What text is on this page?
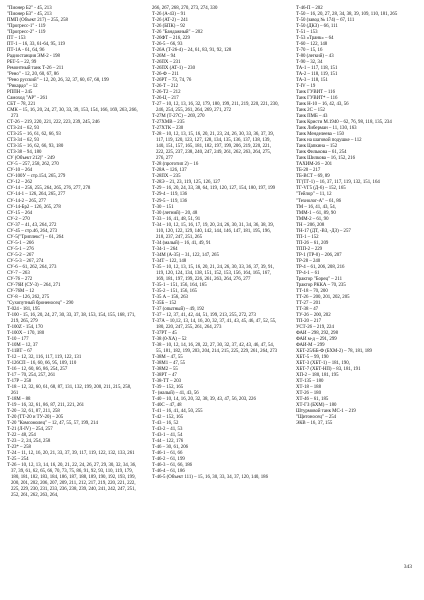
"Пионер Б2" - 45, 213
"Пионер Б3" - 45, 213
ПМП (Объект 217) – 255, 258
"Прогресс-1" - 119
"Прогресс-2" - 119
ПТ – 153
ПТ-1 – 16, 33, 61-64, 95, 119
ПТ-1А - 61, 64, 96
Радиостанция ЭМ-2 - 198
РБТ-5 – 22, 99
Ремонтный танк Т-26 – 211
"Рено" - 12, 20, 60, 67, 86
"Рено русский" – 12, 20, 26, 32, 37, 60, 67, 68, 199
"Рикардо" – 12
РППН – 245
Самоход "АР" - 261
СБТ – 78, 221
СМК – 15, 16, 20, 24, 27, 30, 33, 39, 153, 154, 166, 169, 263, 266, 273
СТ-26 – 219, 220, 221, 222, 223, 239, 245, 246
СТЗ-24 – 62, 93
СТЗ-25 – 16, 61, 62, 66, 93
СТЗ-34 – 62, 93
СТЗ-35 – 16, 62, 66, 93, 180
СТЗ-38 – 94, 180
СУ (Объект 212)" - 249
СУ-5 – 257, 258, 262, 270
СУ-10 – 264
СУ-100У – стр.154, 265, 279
СУ-12 – 262
СУ-14 – 256, 255, 264, 265, 276, 277, 278
СУ-14-1 – 126, 264, 265, 277
СУ-14-2 – 265, 277
СУ-14-Бр2 – 126, 265, 278
СУ-15 – 264
СУ-2 – 270
СУ-37 – 41, 43, 264, 272
СУ-45 – стр.46, 264, 273
СУ-5("Триплекс") – 61, 264
СУ-5-1 – 266
СУ-5-1 – 276
СУ-5-2 – 267
СУ-5-3 – 267, 274
СУ-6 – 61, 262, 264, 273
СУ-7 – 263
СУ-76 – 272
СУ-76И (СУ-3) – 264, 271
СУ-76М – 12
СУ-8 – 126, 262, 275
"Сухопутный броненосец" - 290
Т-024 - 181, 195
Т-100 - 15, 16, 20, 24, 27, 30, 33, 37, 38, 153, 154, 155, 168, 171, 219, 265, 279
Т-100Z - 154, 170
Т-100Х – 170, 180
Т-10 – 177
Т-10М – 12, 37
Т-11ВТ – 67
Т-12 – 12, 32, 116, 117, 119, 122, 131
Т-126СП – 16, 60, 66, 95, 109, 110
Т-16 – 12, 60, 66, 86, 254, 257
Т-17 – 70, 254, 257, 261
Т-17Р – 258
Т-18 – 12, 32, 60, 61, 68, 87, 131, 132, 199, 200, 211, 215, 258, 261
Т-18М – 88
Т-19 – 16, 32, 61, 86, 87, 211, 221, 261
Т-20 – 32, 61, 87, 211, 258
Т-20 (ТТ-20 и ТУ-20) – 205
Т-20 "Комсомолец" – 12, 47, 55, 57, 199, 214
Т-21 (Л-IV) – 254, 257
Т-22 – 48, 254
Т-23 – 2, 24, 254, 258
Т-23* – 258
Т-24 – 11, 12, 16, 20, 21, 33, 37, 39, 117, 119, 122, 132, 133, 261
Т-25 – 254
Т-26 – 10, 12, 13, 14, 16, 20, 21, 22, 24, 26, 27, 29, 30, 32, 34, 36, 37, 39, 61, 62, 65, 66, 70, 73, 75, 86, 91, 92, 93, 110, 119, 179, 180, 181, 182, 183, 184, 186, 187, 188, 189, 190, 192, 193, 199, 200, 201, 202, 206, 207, 209, 211, 212, 217, 219, 220, 221, 222, 225, 229, 230, 231, 233, 236, 238, 239, 240, 241, 242, 247, 251, 252, 261, 262, 263, 264,
266, 267, 268, 270, 273, 274, 330
Т-26 (А-43) – 91
Т-26 (АТ-2) – 241
Т-26 (БПК) – 92
Т-26 "Бандажный" – 202
Т-26ФТ – 216, 229
Т-26-5 – 66, 93
Т-26А (Т-26-4) – 24, 61, 83, 91, 92, 128
Т-26М – 94
Т-26ПХ – 231
Т-26ПХ (АТ-1) – 230
Т-26-Ф – 211
Т-26РТ – 73, 74, 76
Т-26-Т – 212
Т-26-Т2 – 212
Т-26-Ц – 217
Т-27 – 10, 12, 13, 16, 32, 179, 180, 199, 211, 219, 220, 221, 230, 246, 254, 255, 261, 264, 269, 271, 272
Т-27М (Т-27С) – 269, 270
Т-27ХМВ – 235
Т-27ХТК – 230
Т-28 – 10, 12, 13, 15, 16, 20, 21, 23, 24, 26, 30, 33, 36, 37, 39, 117, 119, 120, 123, 127, 128, 134, 135, 136, 137, 138, 139, 140, 151, 157, 165, 181, 182, 197, 199, 206, 219, 220, 221, 222, 225, 237, 238, 240, 247, 249, 261, 262, 263, 264, 275, 276, 277
Т-28 (прототип 2) – 16
Т-28А – 126, 137
Т-28ПХ – 235
Т-28Э – 21, 23, 119, 125, 126, 127
Т-29 – 16, 20, 24, 33, 38, 64, 119, 120, 127, 154, 180, 197, 199
Т-29-4 – 119, 136
Т-29-5 – 119, 136
Т-30 – 151
Т-30 (летний) – 20, 48
Т-33 – 16, 41, 48, 51, 91
Т-34 – 10, 12, 15, 16, 17, 19, 20, 24, 26, 30, 31, 34, 36, 38, 39, 110, 120, 122, 129, 140, 142, 144, 146, 147, 181, 195, 196, 218, 237, 247, 251, 265
Т-34 (малый) – 16, 41, 49, 91
Т-34-1 – 264
Т-34М (А-35) – 31, 122, 147, 265
Т-34Т – 122, 148
Т-35 – 10, 12, 13, 15, 16, 20, 21, 24, 26, 30, 33, 36, 37, 39, 91, 119, 120, 124, 134, 138, 151, 152, 153, 156, 164, 165, 167, 169, 181, 197, 199, 226, 261, 263, 264, 276, 277
Т-35-1 – 151, 156, 164, 165
Т-35-2 – 151, 156, 165
Т-35 А – 156, 263
Т-35Б – 152
Т-37 (опытный) – 49, 192
Т-37 – 12, 37, 41, 42, 44, 51, 199, 213, 255, 272, 273
Т-37А – 10,12, 13, 14, 16, 20, 32, 37, 41, 43, 45, 46, 47, 52, 55, 180, 220, 247, 255, 261, 264, 273
Т-37РТ – 45
Т-38 (0-ХА) – 52
Т-38 – 10, 12, 14, 16, 20, 22, 27, 30, 32, 37, 42, 43, 46, 47, 54, 55, 181, 182, 199, 203, 204, 214, 215, 225, 229, 261, 264, 273
Т-38М – 47, 55
Т-38М1 – 47, 55
Т-38М2 – 55
Т-38РТ – 47
Т-38-ТТ – 203
Т-39 – 152, 165
Т- (малый) – 41, 43, 56
Т-40 – 10, 14, 16, 20, 32, 38, 39, 43, 47, 56, 203, 226
Т-40С – 47, 48
Т-41 – 16, 41, 44, 50, 255
Т-42 – 152, 165
Т-43 – 16, 52
Т-43-2 – 41, 53
Т-43-1 – 41, 54
Т-44 – 122, 176
Т-46 – 30, 61, 206
Т-46-1 – 61, 66
Т-46-2 – 61, 199
Т-46-3 – 61, 66, 186
Т-46-4 – 61, 186
Т-46-5 (Объект 111) – 15, 16, 30, 33, 34, 37, 120, 140, 186
Т-46-П – 202
Т-50 – 16, 20, 27, 28, 34, 38, 39, 109, 110, 181, 265
Т-50 (завод № 174) – 67, 111
Т-50 (ДКЗ) – 66, 111
Т-51 – 153
Т-53 «Транк» – 64
Т-60 – 122, 148
Т-70 – 15, 16
Т-80 (легкий) – 43
Т-90 – 32, 34
ТА-1 – 117, 118, 151
ТА-2 – 118, 119, 151
ТА-3 – 118, 151
Т-IV – 19
Танк ГУВИТ – 116
Танк ГУВИТ* – 116
Танк Н-10 – 16, 42, 43, 56
Танк 2С – 152
Танк ПМБ – 43
Танк Кристи М.1940 – 62, 76, 98, 118, 135, 234
Танк Либерман – 11, 130, 163
Танк Менделеева – 150
Танк на шаговой подушке – 112
Танк Цапкина – 152
Танк Филькова – 61, 254
Танк Шилкова – 16, 152, 216
ТАХИМ-26 – 201
ТБ-20 – 217
ТБ-ВСТ – 69, 89
ТГ(ТГ-1) – 16, 37, 117, 119, 132, 151, 164
ТГ-VГ5 (Д-6) – 152, 165
"Тейлор" – 11, 12
"Технолог-А" – 61, 86
ТМ – 16, 41, 43, 54,
ТММ-1 – 61, 89, 90
ТММ-2 – 61, 90
ТН – 206, 208
ТН-17 (ДТ, -ВЗ, -ДЗ) – 257
ТП-1 – 152
ТП-26 – 61, 209
ТПП-2 – 229
ТР-1 (ТР-0) – 206, 207
ТР-28 – 240
ТР-4 – 61, 206, 208, 216
ТР-4-1 – 61
Трактор "Борец" – 211
Трактор РККА – 70, 235
ТТ-18 – 70, 200
ТТ-26 – 200, 201, 202, 205
ТТ-27 – 201
ТТ-38 – 47
ТУ-26 – 200, 202
ТП-20 – 217
УСТ-26 – 219, 224
ФАИ – 298, 292, 298
ФАИ м-д – 291, 299
ФАИ-М – 299
ХБТ-25/ББ-Ф (БХМ-2) – 78, 181, 189
ХБТ-5 – 99, 190
ХБТ-3 (ХБТ-1) – 181, 190,
ХБТ-7 (ХБТ-НП) – 83, 181, 191
ХП-2 – 180, 181, 195
ХТ-135 – 180
ХТ-18 – 188
ХТ-26 – 180
ХТ-46 – 61, 185
ХТ-ГЗ (БХМ) – 180
Штурмовой танк МС-1 – 219
"Щитоносец" – 254
ЭКВ – 16, 37, 155
343
